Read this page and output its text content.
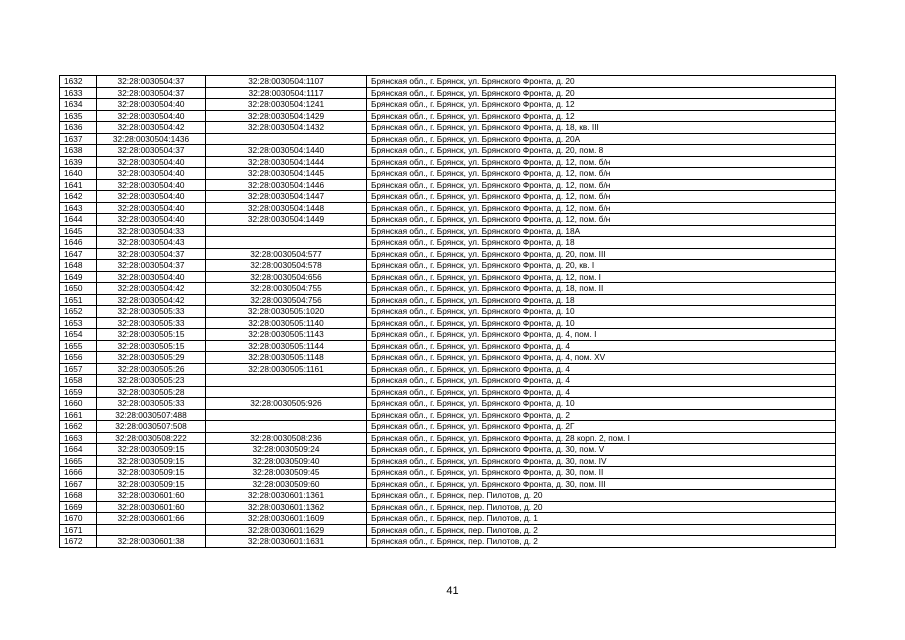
1632	32:28:0030504:37	32:28:0030504:1107	Брянская обл., г. Брянск, ул. Брянского Фронта, д. 20
1633	32:28:0030504:37	32:28:0030504:1117	Брянская обл., г. Брянск, ул. Брянского Фронта, д. 20
1634	32:28:0030504:40	32:28:0030504:1241	Брянская обл., г. Брянск, ул. Брянского Фронта, д. 12
1635	32:28:0030504:40	32:28:0030504:1429	Брянская обл., г. Брянск, ул. Брянского Фронта, д. 12
1636	32:28:0030504:42	32:28:0030504:1432	Брянская обл., г. Брянск, ул. Брянского Фронта, д. 18, кв. III
1637	32:28:0030504:1436		Брянская обл., г. Брянск, ул. Брянского Фронта, д. 20А
1638	32:28:0030504:37	32:28:0030504:1440	Брянская обл., г. Брянск, ул. Брянского Фронта, д. 20, пом. 8
1639	32:28:0030504:40	32:28:0030504:1444	Брянская обл., г. Брянск, ул. Брянского Фронта, д. 12, пом. б/н
1640	32:28:0030504:40	32:28:0030504:1445	Брянская обл., г. Брянск, ул. Брянского Фронта, д. 12, пом. б/н
1641	32:28:0030504:40	32:28:0030504:1446	Брянская обл., г. Брянск, ул. Брянского Фронта, д. 12, пом. б/н
1642	32:28:0030504:40	32:28:0030504:1447	Брянская обл., г. Брянск, ул. Брянского Фронта, д. 12, пом. б/н
1643	32:28:0030504:40	32:28:0030504:1448	Брянская обл., г. Брянск, ул. Брянского Фронта, д. 12, пом. б/н
1644	32:28:0030504:40	32:28:0030504:1449	Брянская обл., г. Брянск, ул. Брянского Фронта, д. 12, пом. б/н
1645	32:28:0030504:33		Брянская обл., г. Брянск, ул. Брянского Фронта, д. 18А
1646	32:28:0030504:43		Брянская обл., г. Брянск, ул. Брянского Фронта, д. 18
1647	32:28:0030504:37	32:28:0030504:577	Брянская обл., г. Брянск, ул. Брянского Фронта, д. 20, пом. III
1648	32:28:0030504:37	32:28:0030504:578	Брянская обл., г. Брянск, ул. Брянского Фронта, д. 20, кв. I
1649	32:28:0030504:40	32:28:0030504:656	Брянская обл., г. Брянск, ул. Брянского Фронта, д. 12, пом. I
1650	32:28:0030504:42	32:28:0030504:755	Брянская обл., г. Брянск, ул. Брянского Фронта, д. 18, пом. II
1651	32:28:0030504:42	32:28:0030504:756	Брянская обл., г. Брянск, ул. Брянского Фронта, д. 18
1652	32:28:0030505:33	32:28:0030505:1020	Брянская обл., г. Брянск, ул. Брянского Фронта, д. 10
1653	32:28:0030505:33	32:28:0030505:1140	Брянская обл., г. Брянск, ул. Брянского Фронта, д. 10
1654	32:28:0030505:15	32:28:0030505:1143	Брянская обл., г. Брянск, ул. Брянского Фронта, д. 4, пом. I
1655	32:28:0030505:15	32:28:0030505:1144	Брянская обл., г. Брянск, ул. Брянского Фронта, д. 4
1656	32:28:0030505:29	32:28:0030505:1148	Брянская обл., г. Брянск, ул. Брянского Фронта, д. 4, пом. XV
1657	32:28:0030505:26	32:28:0030505:1161	Брянская обл., г. Брянск, ул. Брянского Фронта, д. 4
1658	32:28:0030505:23		Брянская обл., г. Брянск, ул. Брянского Фронта, д. 4
1659	32:28:0030505:28		Брянская обл., г. Брянск, ул. Брянского Фронта, д. 4
1660	32:28:0030505:33	32:28:0030505:926	Брянская обл., г. Брянск, ул. Брянского Фронта, д. 10
1661	32:28:0030507:488		Брянская обл., г. Брянск, ул. Брянского Фронта, д. 2
1662	32:28:0030507:508		Брянская обл., г. Брянск, ул. Брянского Фронта, д. 2Г
1663	32:28:0030508:222	32:28:0030508:236	Брянская обл., г. Брянск, ул. Брянского Фронта, д. 28 корп. 2, пом. I
1664	32:28:0030509:15	32:28:0030509:24	Брянская обл., г. Брянск, ул. Брянского Фронта, д. 30, пом. V
1665	32:28:0030509:15	32:28:0030509:40	Брянская обл., г. Брянск, ул. Брянского Фронта, д. 30, пом. IV
1666	32:28:0030509:15	32:28:0030509:45	Брянская обл., г. Брянск, ул. Брянского Фронта, д. 30, пом. II
1667	32:28:0030509:15	32:28:0030509:60	Брянская обл., г. Брянск, ул. Брянского Фронта, д. 30, пом. III
1668	32:28:0030601:60	32:28:0030601:1361	Брянская обл., г. Брянск, пер. Пилотов, д. 20
1669	32:28:0030601:60	32:28:0030601:1362	Брянская обл., г. Брянск, пер. Пилотов, д. 20
1670	32:28:0030601:66	32:28:0030601:1609	Брянская обл., г. Брянск, пер. Пилотов, д. 1
1671		32:28:0030601:1629	Брянская обл., г. Брянск, пер. Пилотов, д. 2
1672	32:28:0030601:38	32:28:0030601:1631	Брянская обл., г. Брянск, пер. Пилотов, д. 2
41
